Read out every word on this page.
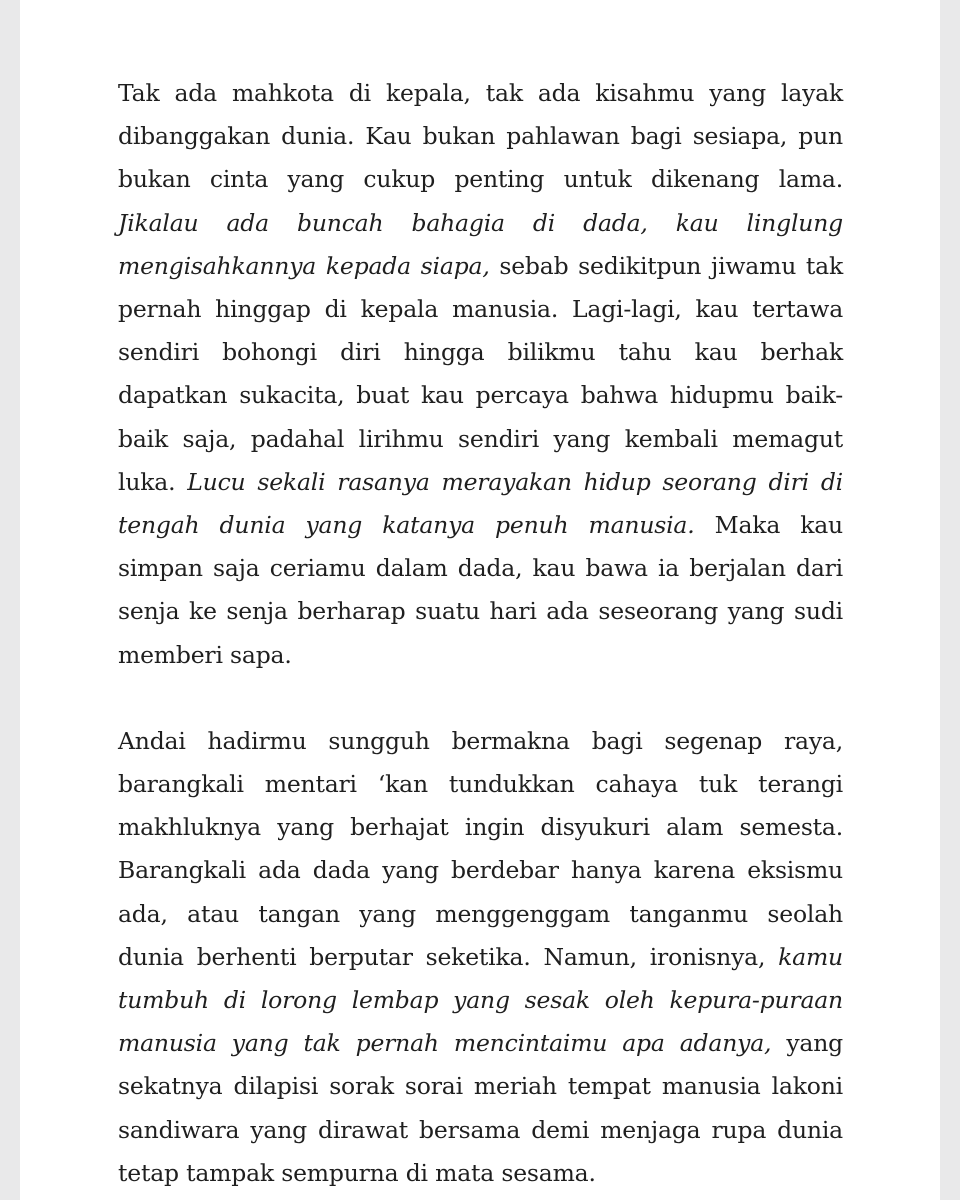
Tak ada mahkota di kepala, tak ada kisahmu yang layak dibanggakan dunia. Kau bukan pahlawan bagi sesiapa, pun bukan cinta yang cukup penting untuk dikenang lama. Jikalau ada buncah bahagia di dada, kau linglung mengisahkannya kepada siapa, sebab sedikitpun jiwamu tak pernah hinggap di kepala manusia. Lagi-lagi, kau tertawa sendiri bohongi diri hingga bilikmu tahu kau berhak dapatkan sukacita, buat kau percaya bahwa hidupmu baik-baik saja, padahal lirihmu sendiri yang kembali memagut luka. Lucu sekali rasanya merayakan hidup seorang diri di tengah dunia yang katanya penuh manusia. Maka kau simpan saja ceriamu dalam dada, kau bawa ia berjalan dari senja ke senja berharap suatu hari ada seseorang yang sudi memberi sapa.

Andai hadirmu sungguh bermakna bagi segenap raya, barangkali mentari ‘kan tundukkan cahaya tuk terangi makhluknya yang berhajat ingin disyukuri alam semesta. Barangkali ada dada yang berdebar hanya karena eksismu ada, atau tangan yang menggenggam tanganmu seolah dunia berhenti berputar seketika. Namun, ironisnya, kamu tumbuh di lorong lembap yang sesak oleh kepura-puraan manusia yang tak pernah mencintaimu apa adanya, yang sekatnya dilapisi sorak sorai meriah tempat manusia lakoni sandiwara yang dirawat bersama demi menjaga rupa dunia tetap tampak sempurna di mata sesama.
